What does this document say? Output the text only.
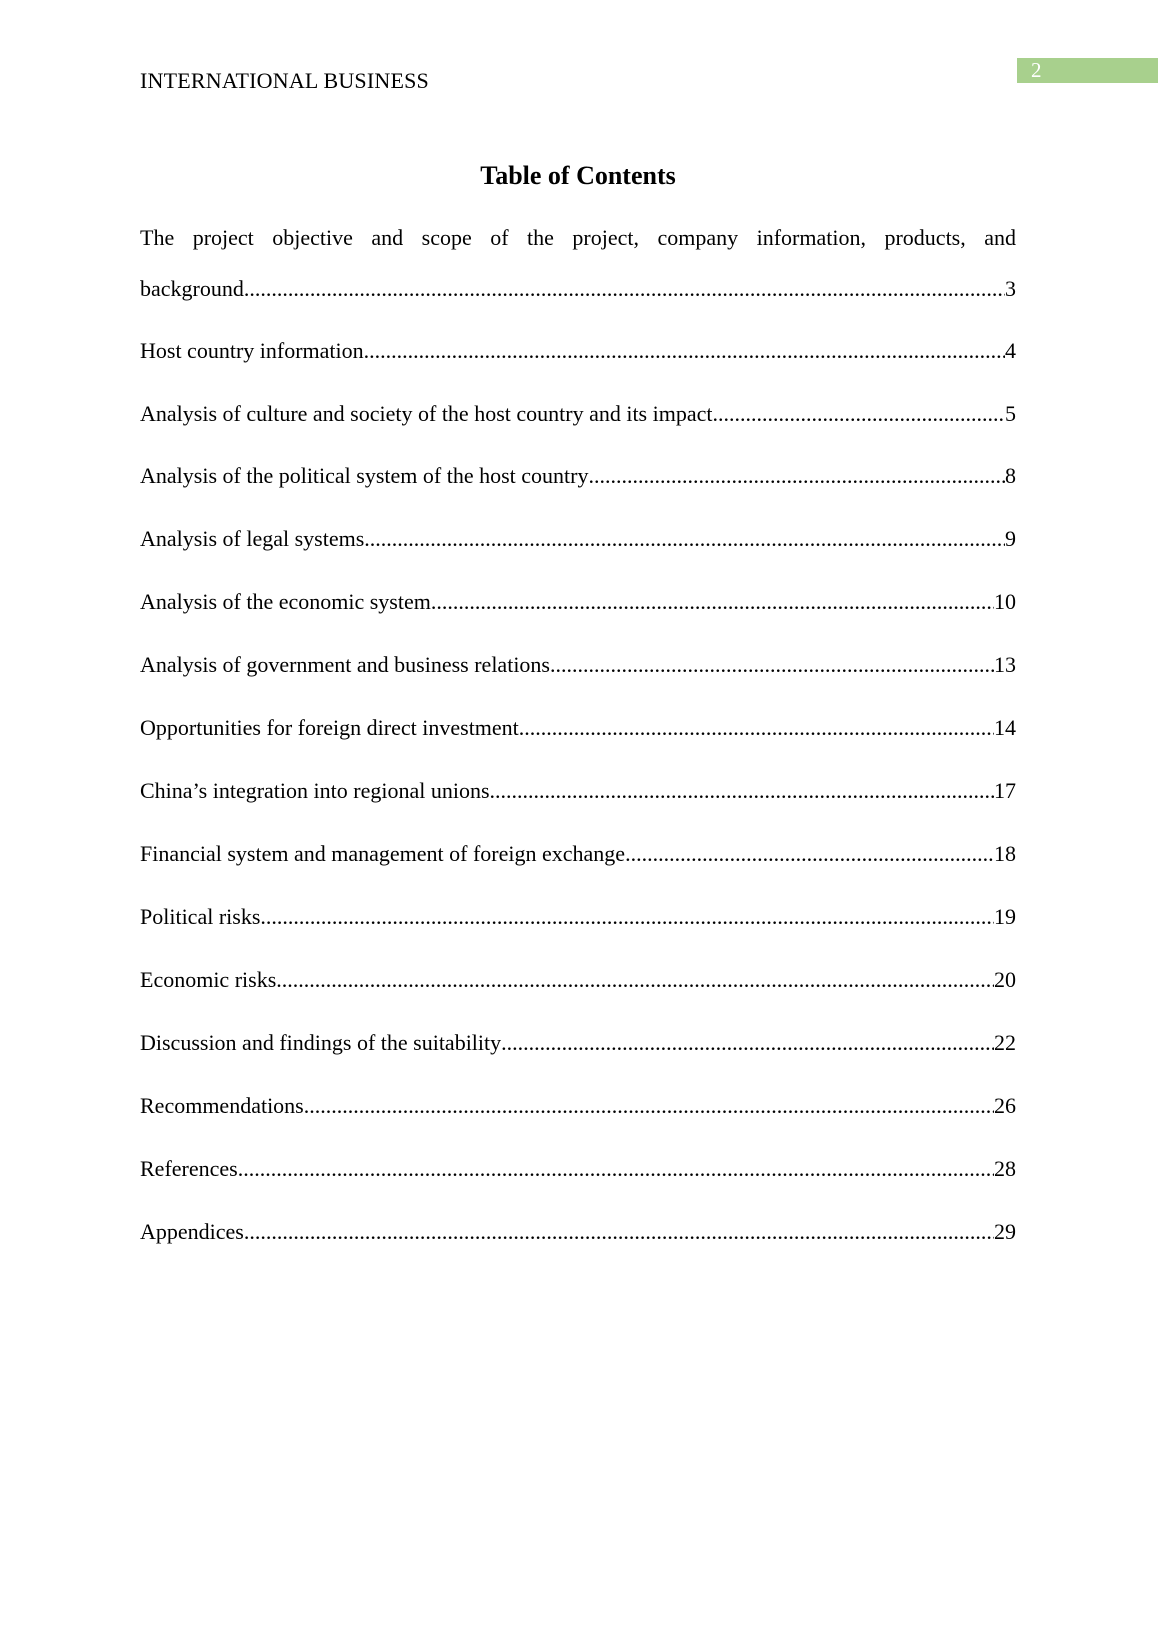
INTERNATIONAL BUSINESS	2
Table of Contents
The project objective and scope of the project, company information, products, and
background .....	3
Host country information .....	4
Analysis of culture and society of the host country and its impact .....	5
Analysis of the political system of the host country .....	8
Analysis of legal systems .....	9
Analysis of the economic system .....	10
Analysis of government and business relations .....	13
Opportunities for foreign direct investment .....	14
China’s integration into regional unions .....	17
Financial system and management of foreign exchange .....	18
Political risks .....	19
Economic risks .....	20
Discussion and findings of the suitability .....	22
Recommendations .....	26
References .....	28
Appendices .....	29
